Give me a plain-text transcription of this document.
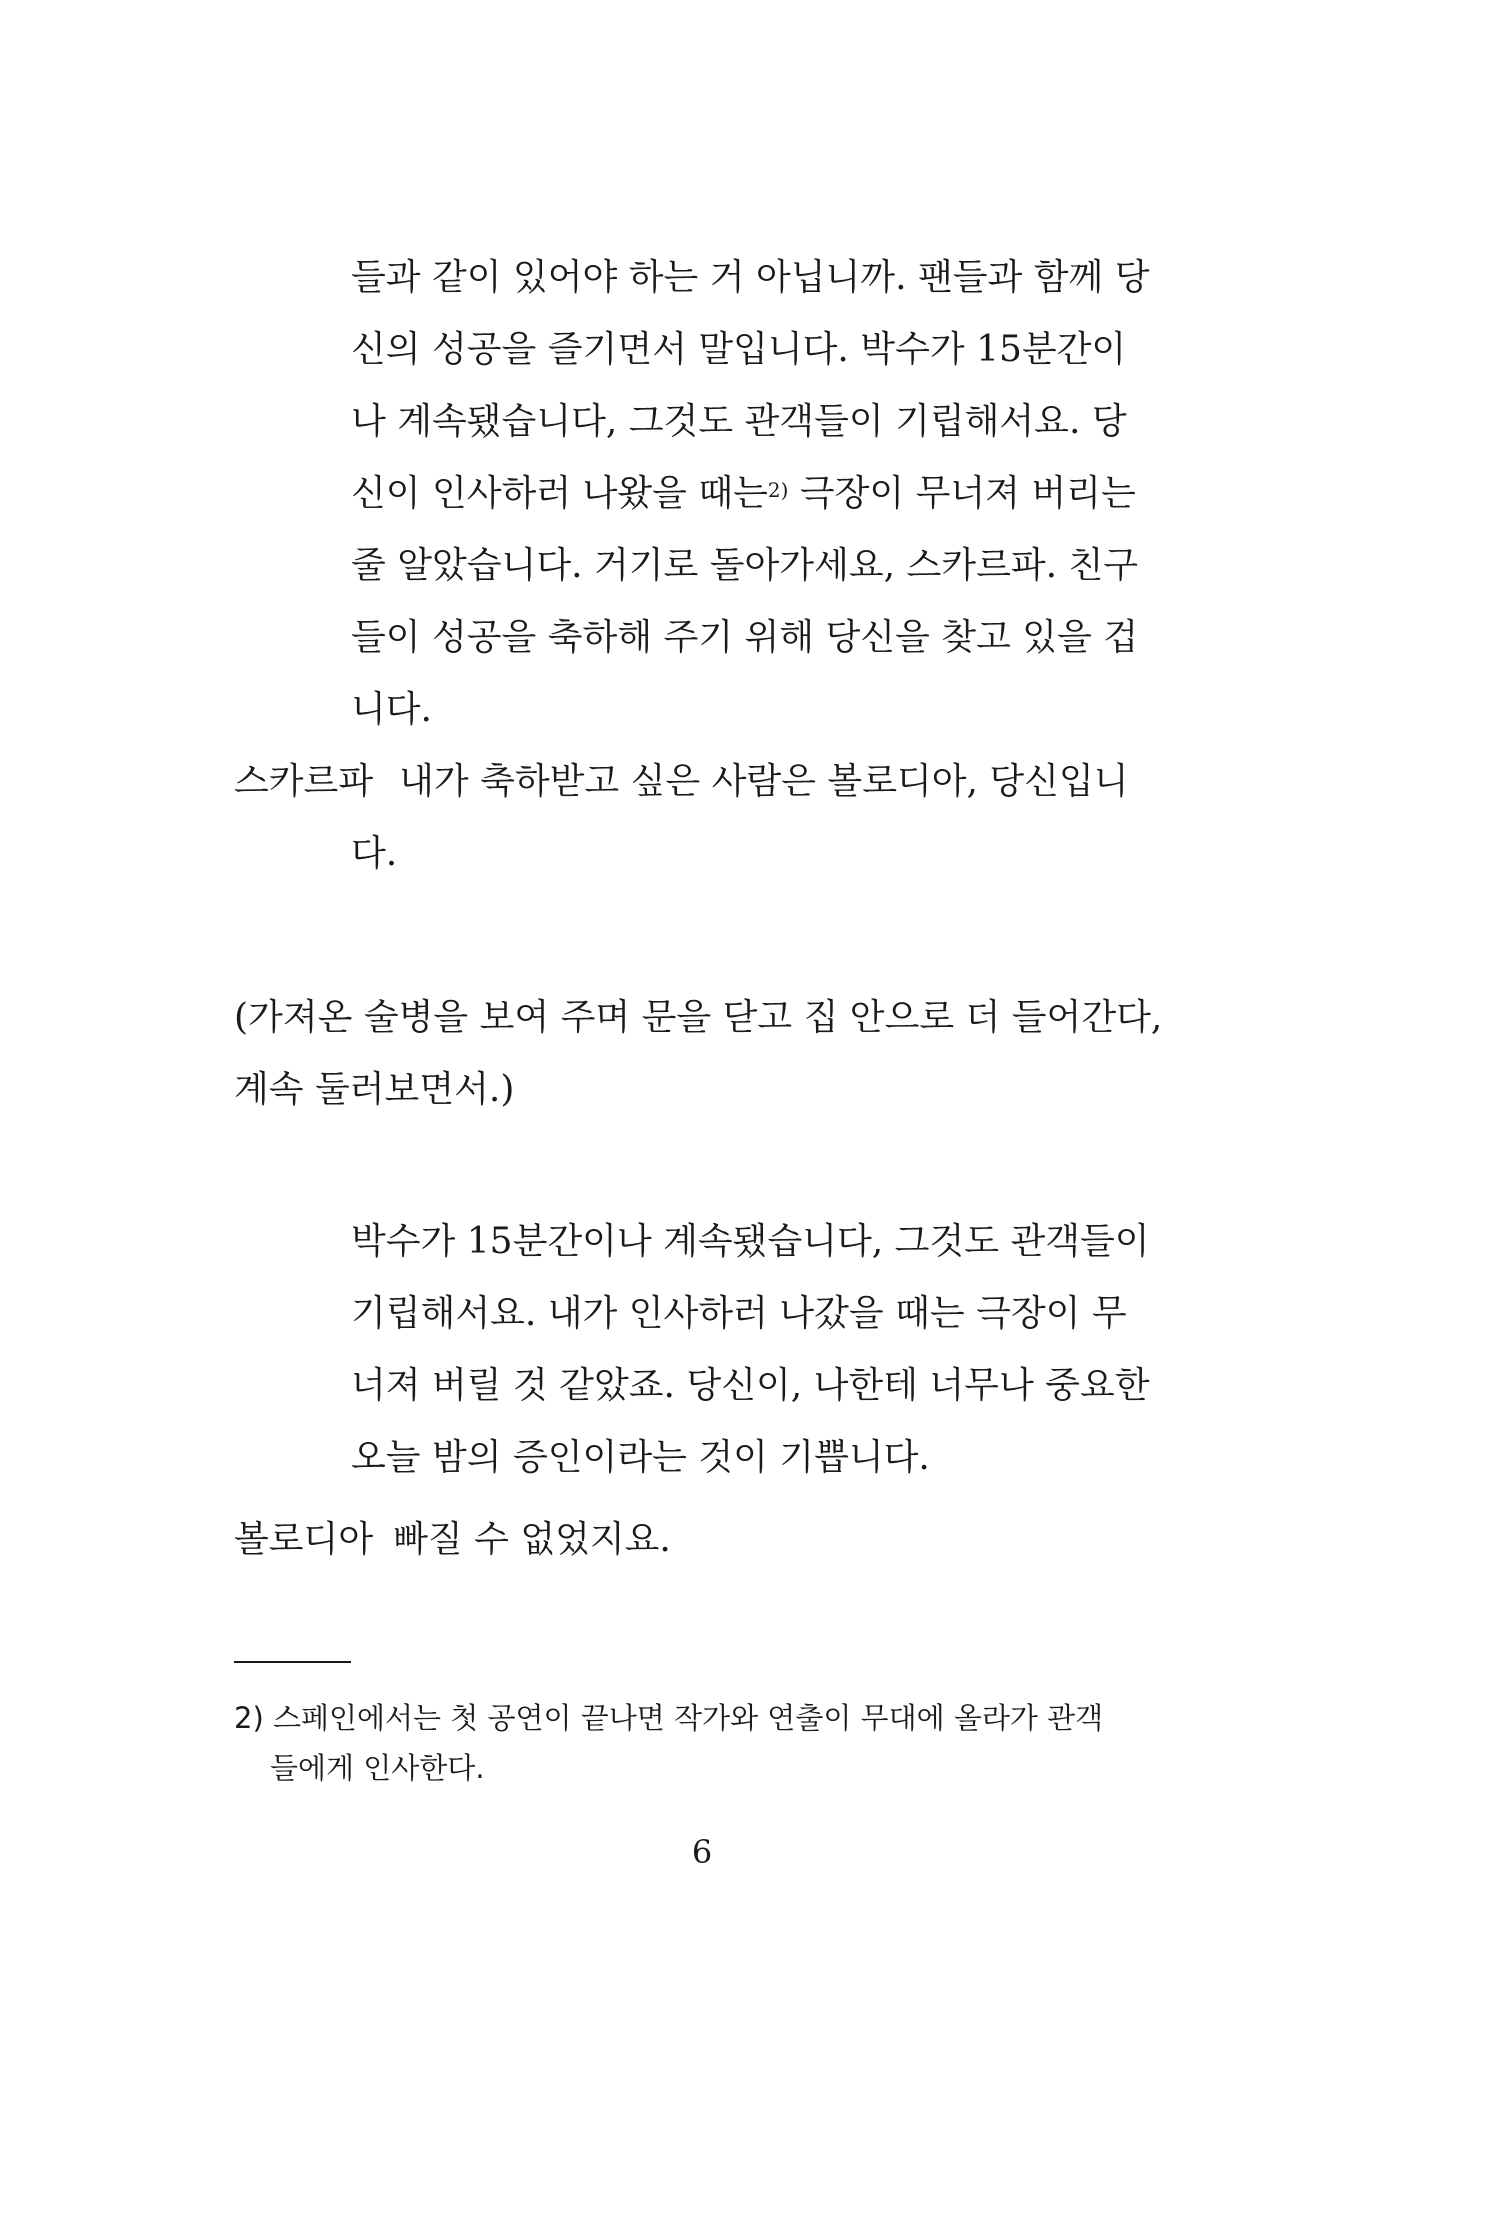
들과 같이 있어야 하는 거 아닙니까. 팬들과 함께 당

신의 성공을 즐기면서 말입니다. 박수가 15분간이

나 계속됐습니다, 그것도 관객들이 기립해서요. 당

신이 인사하러 나왔을 때는$^{2)}$ 극장이 무너져 버리는

줄 알았습니다. 거기로 돌아가세요, 스카르파. 친구

들이 성공을 축하해 주기 위해 당신을 찾고 있을 겁

니다.

스카르파 내가 축하받고 싶은 사람은 볼로디아, 당신입니

다.

(가져온 술병을 보여 주며 문을 닫고 집 안으로 더 들어간다,

계속 둘러보면서.)

박수가 15분간이나 계속됐습니다, 그것도 관객들이

기립해서요. 내가 인사하러 나갔을 때는 극장이 무

너져 버릴 것 같았죠. 당신이, 나한테 너무나 중요한

오늘 밤의 증인이라는 것이 기쁩니다.

볼로디아 빠질 수 없었지요.

2) 스페인에서는 첫 공연이 끝나면 작가와 연출이 무대에 올라가 관객

들에게 인사한다.

6
